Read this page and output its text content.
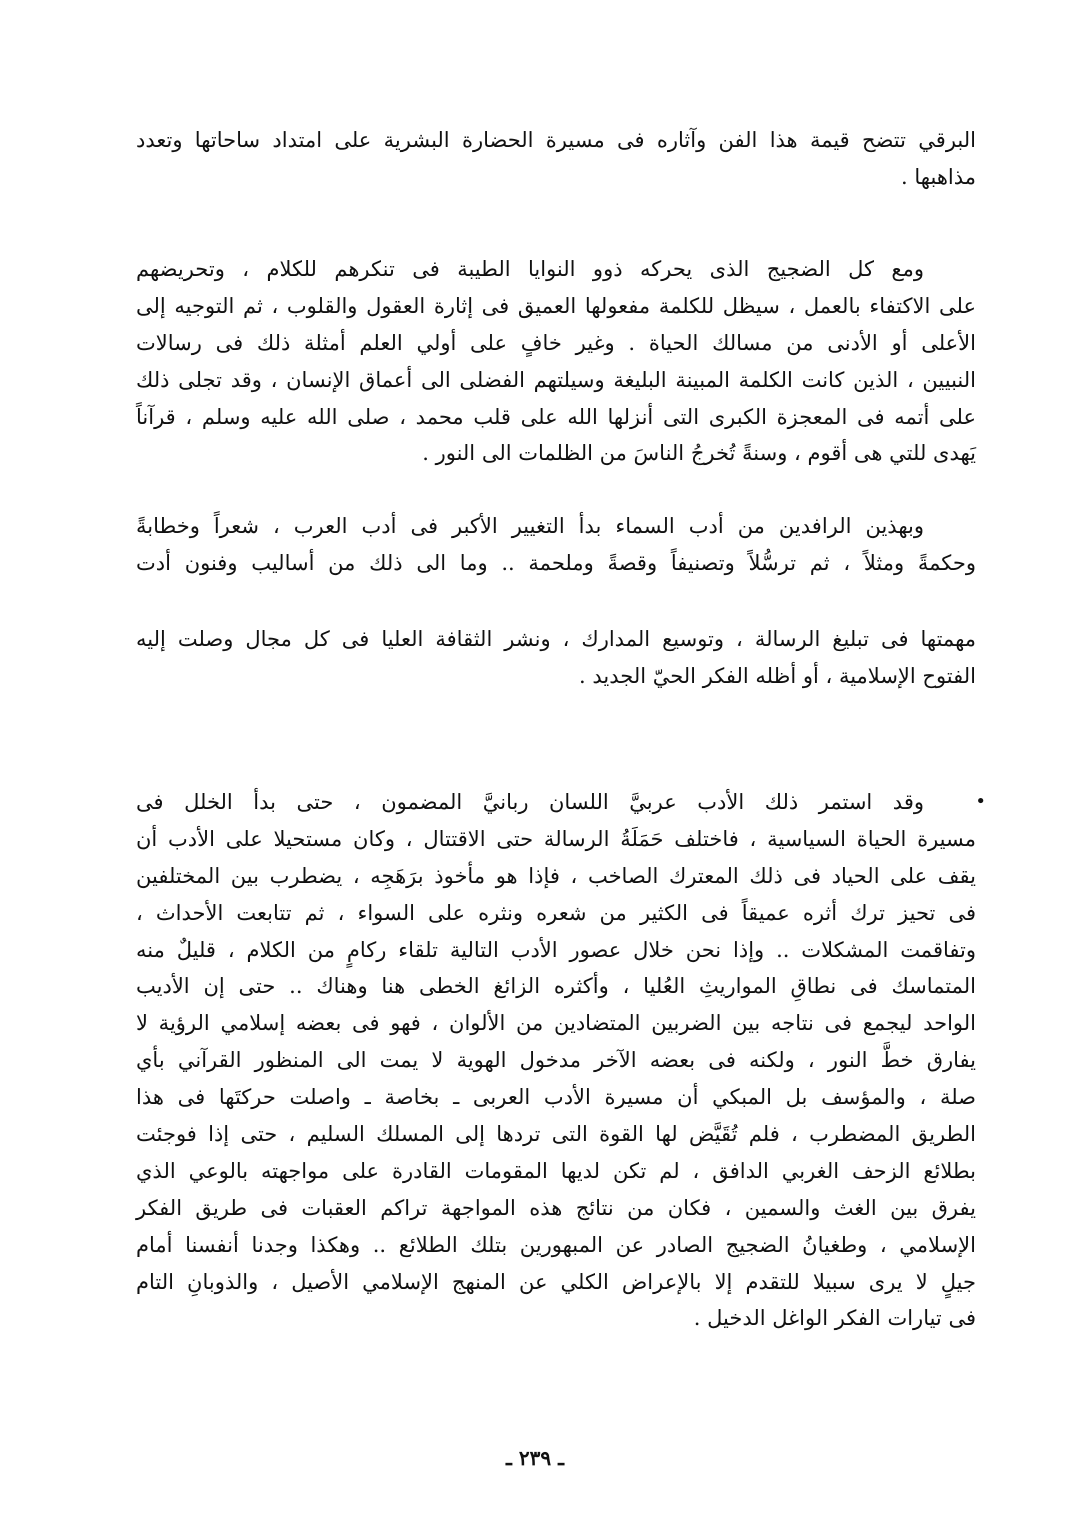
البرقي تتضح قيمة هذا الفن وآثاره فى مسيرة الحضارة البشرية على امتداد ساحاتها وتعدد
مذاهبها .
ومع كل الضجيج الذى يحركه ذوو النوايا الطيبة فى تنكرهم للكلام ، وتحريضهم
على الاكتفاء بالعمل ، سيظل للكلمة مفعولها العميق فى إثارة العقول والقلوب ، ثم التوجيه إلى
الأعلى أو الأدنى من مسالك الحياة . وغير خافٍ على أولي العلم أمثلة ذلك فى رسالات
النبيين ، الذين كانت الكلمة المبينة البليغة وسيلتهم الفضلى الى أعماق الإنسان ، وقد تجلى ذلك
على أتمه فى المعجزة الكبرى التى أنزلها الله على قلب محمد ، صلى الله عليه وسلم ، قرآناً
يَهدى للتي هى أقوم ، وسنةً تُخرجُ الناسَ من الظلمات الى النور .
وبهذين الرافدين من أدب السماء بدأ التغيير الأكبر فى أدب العرب ، شعراً وخطابةً
وحكمةً ومثلاً ، ثم ترسُّلاً وتصنيفاً وقصةً وملحمة .. وما الى ذلك من أساليب وفنون أدت
مهمتها فى تبليغ الرسالة ، وتوسيع المدارك ، ونشر الثقافة العليا فى كل مجال وصلت إليه
الفتوح الإسلامية ، أو أظله الفكر الحيّ الجديد .
•
وقد استمر ذلك الأدب عربيَّ اللسان ربانيَّ المضمون ، حتى بدأ الخلل فى
مسيرة الحياة السياسية ، فاختلف حَمَلَةُ الرسالة حتى الاقتتال ، وكان مستحيلا على الأدب أن
يقف على الحياد فى ذلك المعترك الصاخب ، فإذا هو مأخوذ برَهَجِه ، يضطرب بين المختلفين
فى تحيز ترك أثره عميقاً فى الكثير من شعره ونثره على السواء ، ثم تتابعت الأحداث ،
وتفاقمت المشكلات .. وإذا نحن خلال عصور الأدب التالية تلقاء ركامٍ من الكلام ، قليلٌ منه
المتماسك فى نطاقِ المواريثِ العُليا ، وأكثره الزائغ الخطى هنا وهناك .. حتى إن الأديب
الواحد ليجمع فى نتاجه بين الضربين المتضادين من الألوان ، فهو فى بعضه إسلامي الرؤية لا
يفارق خطَّ النور ، ولكنه فى بعضه الآخر مدخول الهوية لا يمت الى المنظور القرآني بأي
صلة ، والمؤسف بل المبكي أن مسيرة الأدب العربى ـ بخاصة ـ واصلت حركتَها فى هذا
الطريق المضطرب ، فلم تُقَيَّض لها القوة التى تردها إلى المسلك السليم ، حتى إذا فوجئت
بطلائع الزحف الغربي الدافق ، لم تكن لديها المقومات القادرة على مواجهته بالوعي الذي
يفرق بين الغث والسمين ، فكان من نتائج هذه المواجهة تراكم العقبات فى طريق الفكر
الإسلامي ، وطغيانُ الضجيج الصادر عن المبهورين بتلك الطلائع .. وهكذا وجدنا أنفسنا أمام
جيلٍ لا يرى سبيلا للتقدم إلا بالإعراض الكلي عن المنهج الإسلامي الأصيل ، والذوبانِ التام
فى تيارات الفكر الواغل الدخيل .
ـ ٢٣٩ ـ
